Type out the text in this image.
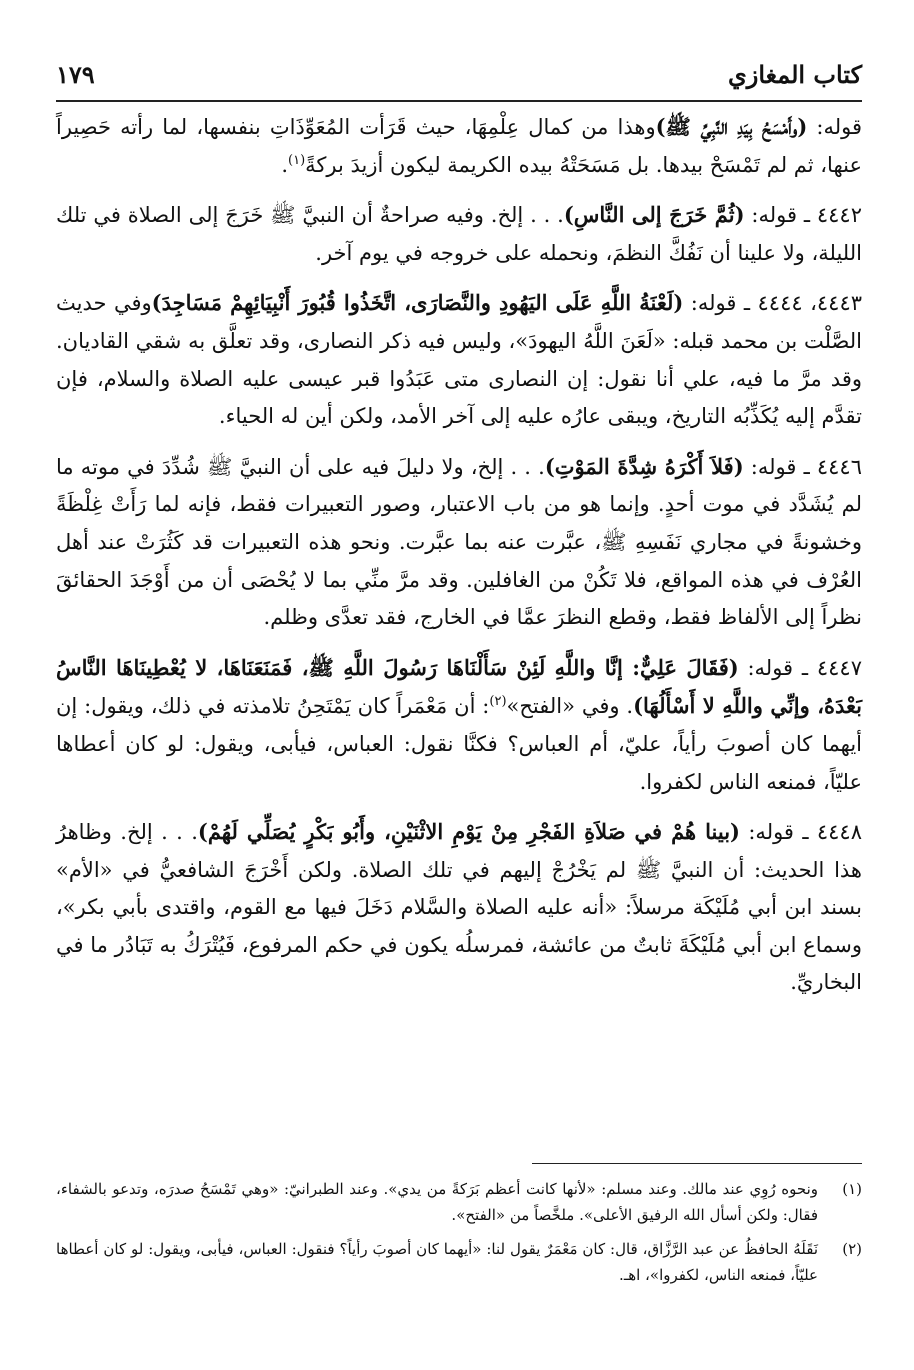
كتاب المغازي
١٧٩

قوله: (وأَمْسَحُ بِيَدِ النَّبِيِّ ﷺ)وهذا من كمال عِلْمِهَا، حيث قَرَأت المُعَوِّذَاتِ بنفسها، لما رأته حَصِيراً عنها، ثم لم تَمْسَحْ بيدها. بل مَسَحَتْهُ بيده الكريمة ليكون أزيدَ بركةً$^{(١)}$.

٤٤٤٢ ـ قوله: (ثُمَّ خَرَجَ إلى النَّاسِ). . . إلخ. وفيه صراحةٌ أن النبيَّ ﷺ خَرَجَ إلى الصلاة في تلك الليلة، ولا علينا أن نَفُكَّ النظمَ، ونحمله على خروجه في يوم آخر.

٤٤٤٣، ٤٤٤٤ ـ قوله: (لَعْنَةُ اللَّهِ عَلَى اليَهُودِ والنَّصَارَى، اتَّخَذُوا قُبُورَ أَنْبِيَائِهِمْ مَسَاجِدَ)وفي حديث الصَّلْت بن محمد قبله: «لَعَنَ اللَّهُ اليهودَ»، وليس فيه ذكر النصارى، وقد تعلَّق به شقي القاديان. وقد مرَّ ما فيه، علي أنا نقول: إن النصارى متى عَبَدُوا قبر عيسى عليه الصلاة والسلام، فإن تقدَّم إليه يُكَذِّبُه التاريخ، ويبقى عارُه عليه إلى آخر الأمد، ولكن أين له الحياء.

٤٤٤٦ ـ قوله: (فَلاَ أَكْرَهُ شِدَّةَ المَوْتِ). . . إلخ، ولا دليلَ فيه على أن النبيَّ ﷺ شُدِّدَ في موته ما لم يُشَدَّد في موت أحدٍ. وإنما هو من باب الاعتبار، وصور التعبيرات فقط، فإنه لما رَأَتْ غِلْظَةً وخشونةً في مجاري نَفَسِهِ ﷺ، عبَّرت عنه بما عبَّرت. ونحو هذه التعبيرات قد كَثُرَتْ عند أهل العُرْف في هذه المواقع، فلا تَكُنْ من الغافلين. وقد مرَّ منِّي بما لا يُحْصَى أن من أَوْجَدَ الحقائقَ نظراً إلى الألفاظ فقط، وقطع النظرَ عمَّا في الخارج، فقد تعدَّى وظلم.

٤٤٤٧ ـ قوله: (فَقَالَ عَلِيٌّ: إنَّا واللَّهِ لَئِنْ سَأَلْنَاهَا رَسُولَ اللَّهِ ﷺ، فَمَنَعَنَاهَا، لا يُعْطِينَاهَا النَّاسُ بَعْدَهُ، وإنِّي واللَّهِ لا أَسْأَلُهَا). وفي «الفتح»$^{(٢)}$: أن مَعْمَراً كان يَمْتَحِنُ تلامذته في ذلك، ويقول: إن أيهما كان أصوبَ رأياً، عليّ، أم العباس؟ فكنَّا نقول: العباس، فيأبى، ويقول: لو كان أعطاها عليّاً، فمنعه الناس لكفروا.

٤٤٤٨ ـ قوله: (بينا هُمْ في صَلاَةِ الفَجْرِ مِنْ يَوْمِ الاثْنَيْنِ، وأَبُو بَكْرٍ يُصَلِّي لَهُمْ). . . إلخ. وظاهرُ هذا الحديث: أن النبيَّ ﷺ لم يَخْرُجْ إليهم في تلك الصلاة. ولكن أَخْرَجَ الشافعيُّ في «الأم» بسند ابن أبي مُلَيْكَة مرسلاً: «أنه عليه الصلاة والسَّلام دَخَلَ فيها مع القوم، واقتدى بأبي بكر»، وسماع ابن أبي مُلَيْكَةَ ثابتٌ من عائشة، فمرسلُه يكون في حكم المرفوع، فَيُتْرَكُ به تَبَادُر ما في البخاريِّ.

(١)
ونحوه رُوِي عند مالك. وعند مسلم: «لأنها كانت أعظم بَرَكةً من يدي». وعند الطبرانيّ: «وهي تَمْسَحُ صدرَه، وتدعو بالشفاء، فقال: ولكن أسأل الله الرفيق الأعلى». ملخَّصاً من «الفتح».
(٢)
نَقَلَهُ الحافظُ عن عبد الرَّزَّاق، قال: كان مَعْمَرٌ يقول لنا: «أيهما كان أصوبَ رأياً؟ فنقول: العباس، فيأبى، ويقول: لو كان أعطاها عليّاً، فمنعه الناس، لكفروا»، اهـ.
